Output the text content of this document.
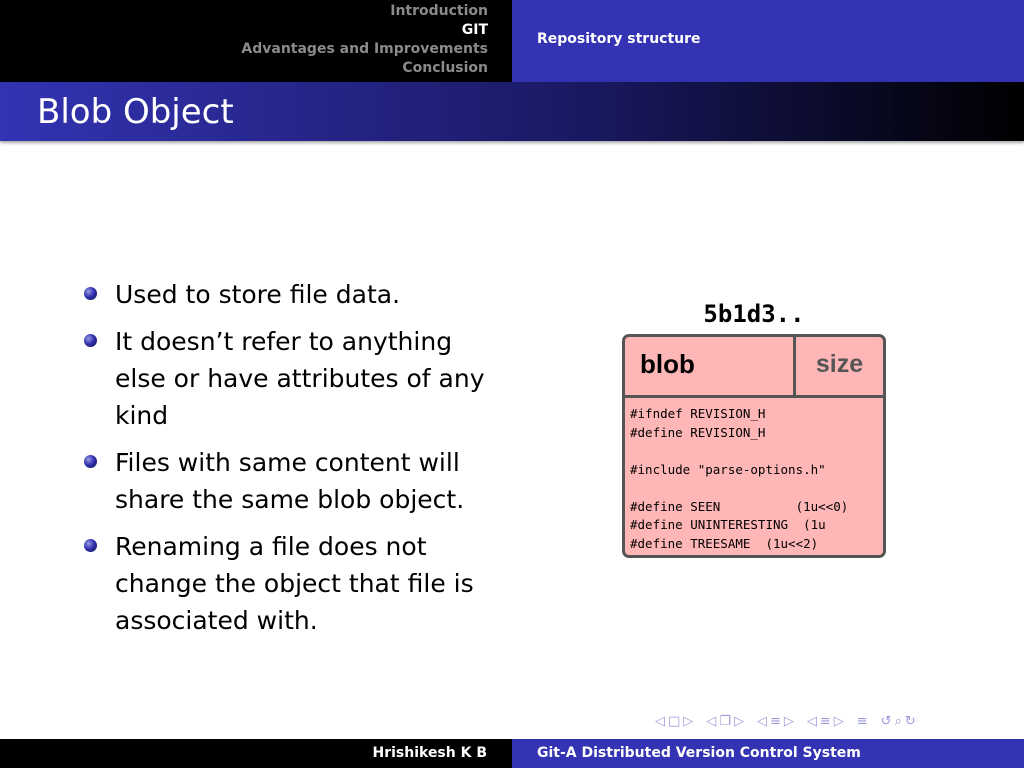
Introduction
GIT
Advantages and Improvements
Conclusion
Repository structure
Blob Object
Used to store file data.
It doesn’t refer to anything else or have attributes of any kind
Files with same content will share the same blob object.
Renaming a file does not change the object that file is associated with.
5b1d3..
blob	size
#ifndef REVISION_H
#define REVISION_H

#include "parse-options.h"

#define SEEN          (1u<<0)
#define UNINTERESTING  (1u
#define TREESAME  (1u<<2)
◁ □ ▷ ◁ ❐ ▷ ◁ ≡ ▷ ◁ ≡ ▷ ≡ ↺ ⌕ ↻
Hrishikesh K B	Git-A Distributed Version Control System
